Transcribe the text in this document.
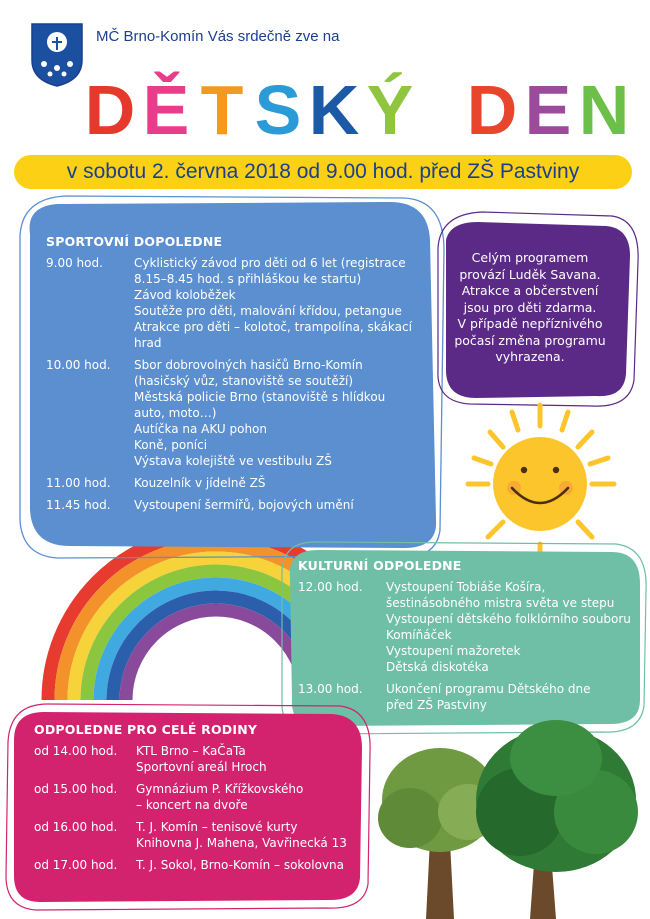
MČ Brno-Komín Vás srdečně zve na
D Ě T S K Ý D E N
v sobotu 2. června 2018 od 9.00 hod. před ZŠ Pastviny
SPORTOVNÍ DOPOLEDNE
9.00 hod.	Cyklistický závod pro děti od 6 let (registrace
8.15–8.45 hod. s přihláškou ke startu)
Závod koloběžek
Soutěže pro děti, malování křídou, petangue
Atrakce pro děti – kolotoč, trampolína, skákací
hrad
10.00 hod.	Sbor dobrovolných hasičů Brno-Komín
(hasičský vůz, stanoviště se soutěží)
Městská policie Brno (stanoviště s hlídkou
auto, moto…)
Autíčka na AKU pohon
Koně, poníci
Výstava kolejiště ve vestibulu ZŠ
11.00 hod.	Kouzelník v jídelně ZŠ
11.45 hod.	Vystoupení šermířů, bojových umění
Celým programem
provází Luděk Savana.
Atrakce a občerstvení
jsou pro děti zdarma.
V případě nepříznivého
počasí změna programu
vyhrazena.
KULTURNÍ ODPOLEDNE
12.00 hod.	Vystoupení Tobiáše Košíra,
šestinásobného mistra světa ve stepu
Vystoupení dětského folklórního souboru
Komíňáček
Vystoupení mažoretek
Dětská diskotéka
13.00 hod.	Ukončení programu Dětského dne
před ZŠ Pastviny
ODPOLEDNE PRO CELÉ RODINY
od 14.00 hod.	KTL Brno – KaČaTa
Sportovní areál Hroch
od 15.00 hod.	Gymnázium P. Křížkovského
– koncert na dvoře
od 16.00 hod.	T. J. Komín – tenisové kurty
Knihovna J. Mahena, Vavřinecká 13
od 17.00 hod.	T. J. Sokol, Brno-Komín – sokolovna
